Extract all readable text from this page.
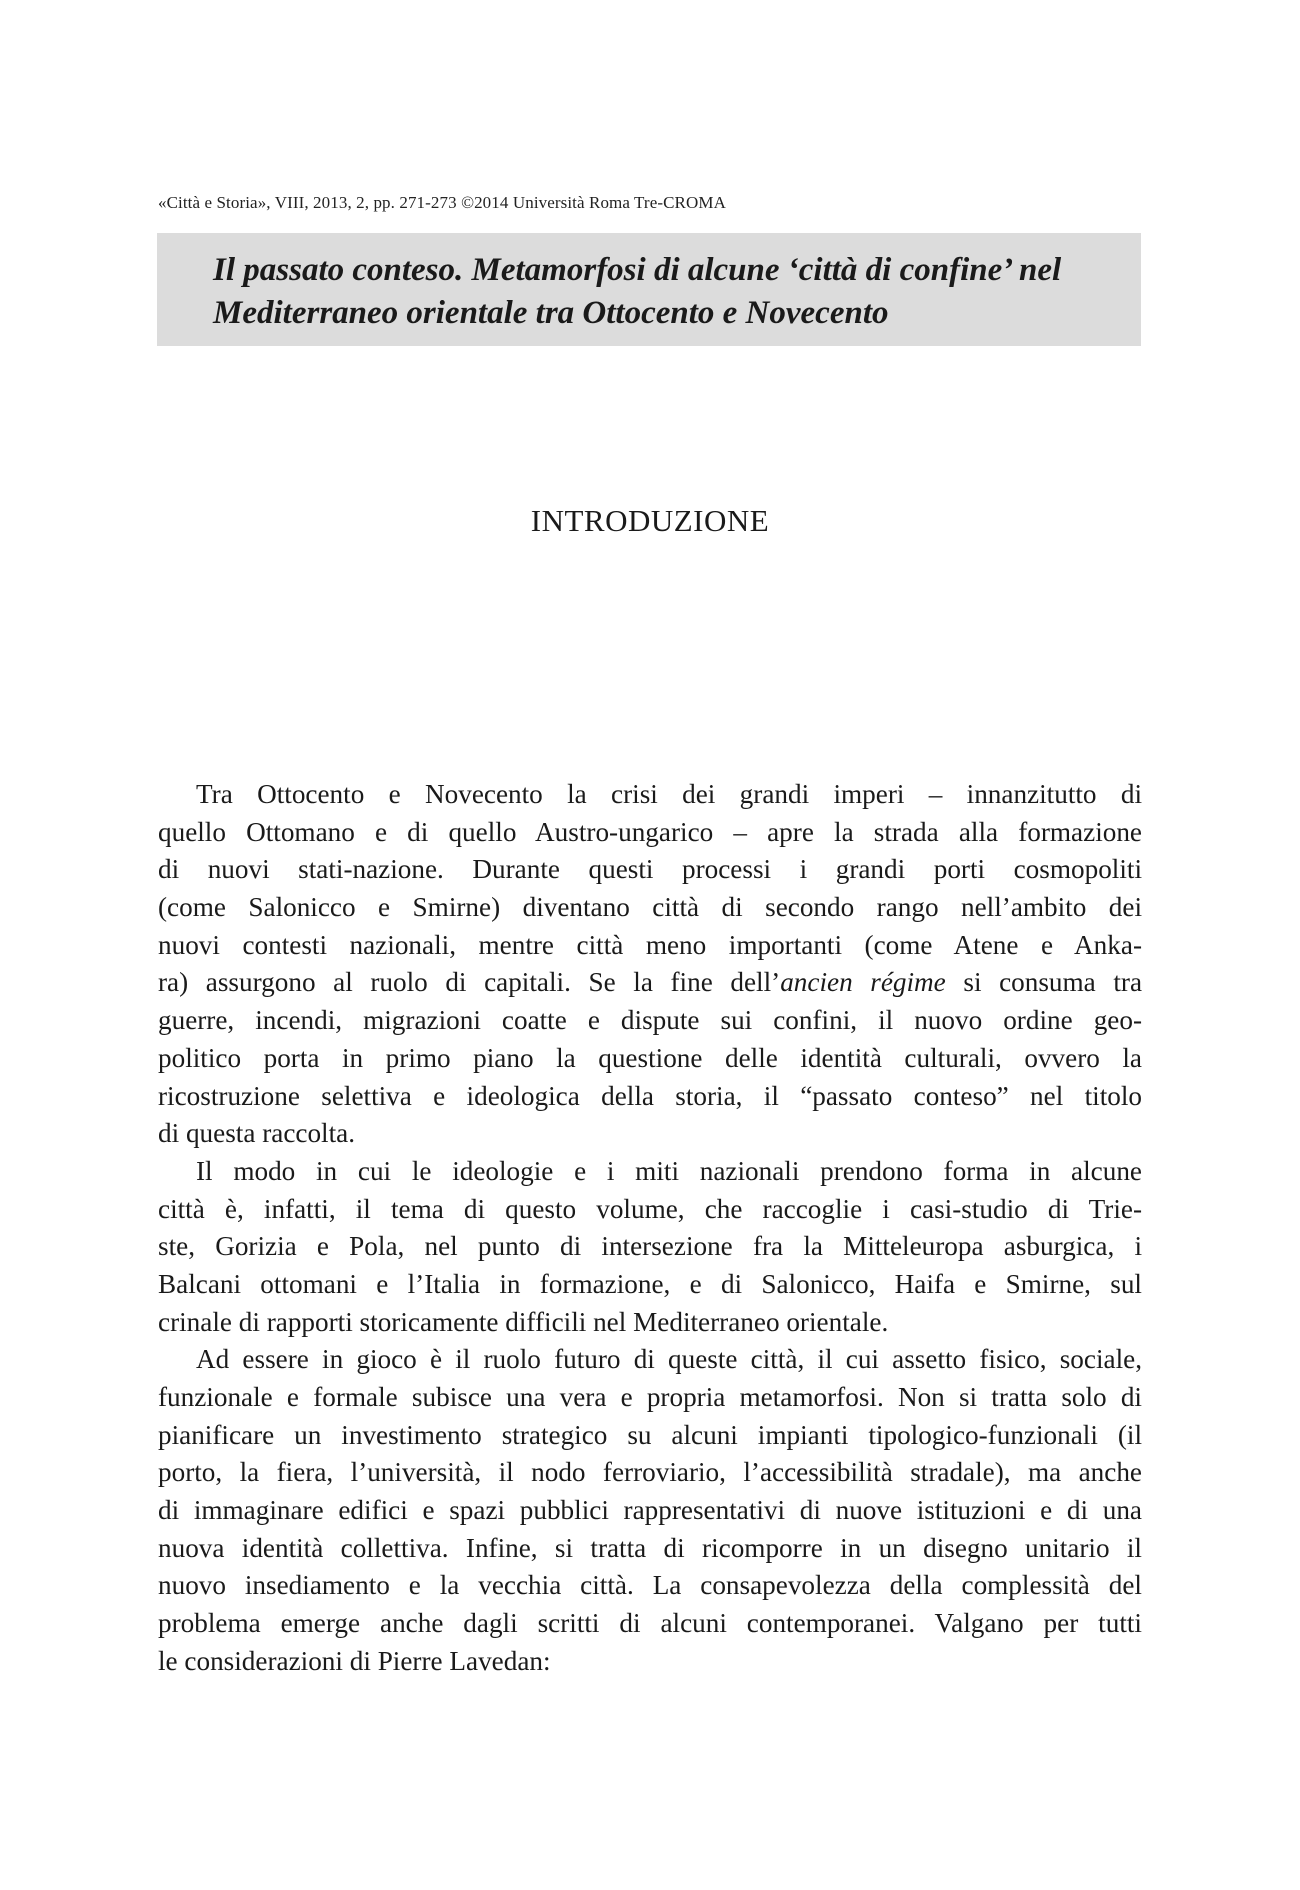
«Città e Storia», VIII, 2013, 2, pp. 271-273 ©2014 Università Roma Tre-CROMA
Il passato conteso. Metamorfosi di alcune ‘città di confine’ nel
Mediterraneo orientale tra Ottocento e Novecento
INTRODUZIONE
Tra Ottocento e Novecento la crisi dei grandi imperi – innanzitutto di
quello Ottomano e di quello Austro-ungarico – apre la strada alla formazione
di nuovi stati-nazione. Durante questi processi i grandi porti cosmopoliti
(come Salonicco e Smirne) diventano città di secondo rango nell’ambito dei
nuovi contesti nazionali, mentre città meno importanti (come Atene e Anka-
ra) assurgono al ruolo di capitali. Se la fine dell’ancien régime si consuma tra
guerre, incendi, migrazioni coatte e dispute sui confini, il nuovo ordine geo-
politico porta in primo piano la questione delle identità culturali, ovvero la
ricostruzione selettiva e ideologica della storia, il “passato conteso” nel titolo
di questa raccolta.
Il modo in cui le ideologie e i miti nazionali prendono forma in alcune
città è, infatti, il tema di questo volume, che raccoglie i casi-studio di Trie-
ste, Gorizia e Pola, nel punto di intersezione fra la Mitteleuropa asburgica, i
Balcani ottomani e l’Italia in formazione, e di Salonicco, Haifa e Smirne, sul
crinale di rapporti storicamente difficili nel Mediterraneo orientale.
Ad essere in gioco è il ruolo futuro di queste città, il cui assetto fisico, sociale,
funzionale e formale subisce una vera e propria metamorfosi. Non si tratta solo di
pianificare un investimento strategico su alcuni impianti tipologico-funzionali (il
porto, la fiera, l’università, il nodo ferroviario, l’accessibilità stradale), ma anche
di immaginare edifici e spazi pubblici rappresentativi di nuove istituzioni e di una
nuova identità collettiva. Infine, si tratta di ricomporre in un disegno unitario il
nuovo insediamento e la vecchia città. La consapevolezza della complessità del
problema emerge anche dagli scritti di alcuni contemporanei. Valgano per tutti
le considerazioni di Pierre Lavedan:
